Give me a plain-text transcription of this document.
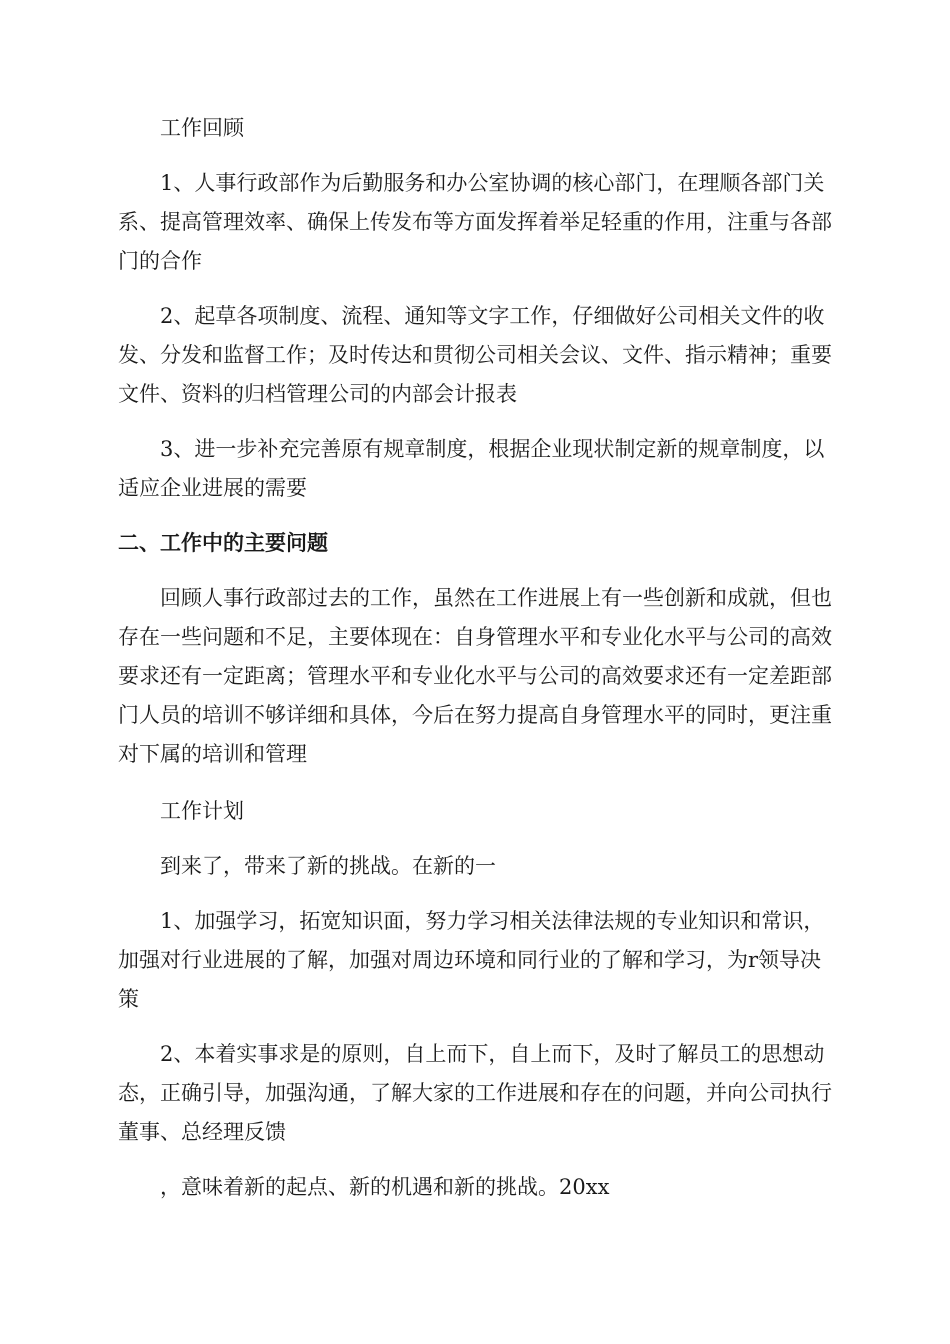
工作回顾

1、人事行政部作为后勤服务和办公室协调的核心部门，在理顺各部门关系、提高管理效率、确保上传发布等方面发挥着举足轻重的作用，注重与各部门的合作

2、起草各项制度、流程、通知等文字工作，仔细做好公司相关文件的收发、分发和监督工作；及时传达和贯彻公司相关会议、文件、指示精神；重要文件、资料的归档管理公司的内部会计报表

3、进一步补充完善原有规章制度，根据企业现状制定新的规章制度，以适应企业进展的需要

二、工作中的主要问题

回顾人事行政部过去的工作，虽然在工作进展上有一些创新和成就，但也存在一些问题和不足，主要体现在：自身管理水平和专业化水平与公司的高效要求还有一定距离；管理水平和专业化水平与公司的高效要求还有一定差距部门人员的培训不够详细和具体，今后在努力提高自身管理水平的同时，更注重对下属的培训和管理

工作计划

到来了，带来了新的挑战。在新的一

1、加强学习，拓宽知识面，努力学习相关法律法规的专业知识和常识，加强对行业进展的了解，加强对周边环境和同行业的了解和学习，为r领导决策

2、本着实事求是的原则，自上而下，自上而下，及时了解员工的思想动态，正确引导，加强沟通，了解大家的工作进展和存在的问题，并向公司执行董事、总经理反馈

，意味着新的起点、新的机遇和新的挑战。20xx
